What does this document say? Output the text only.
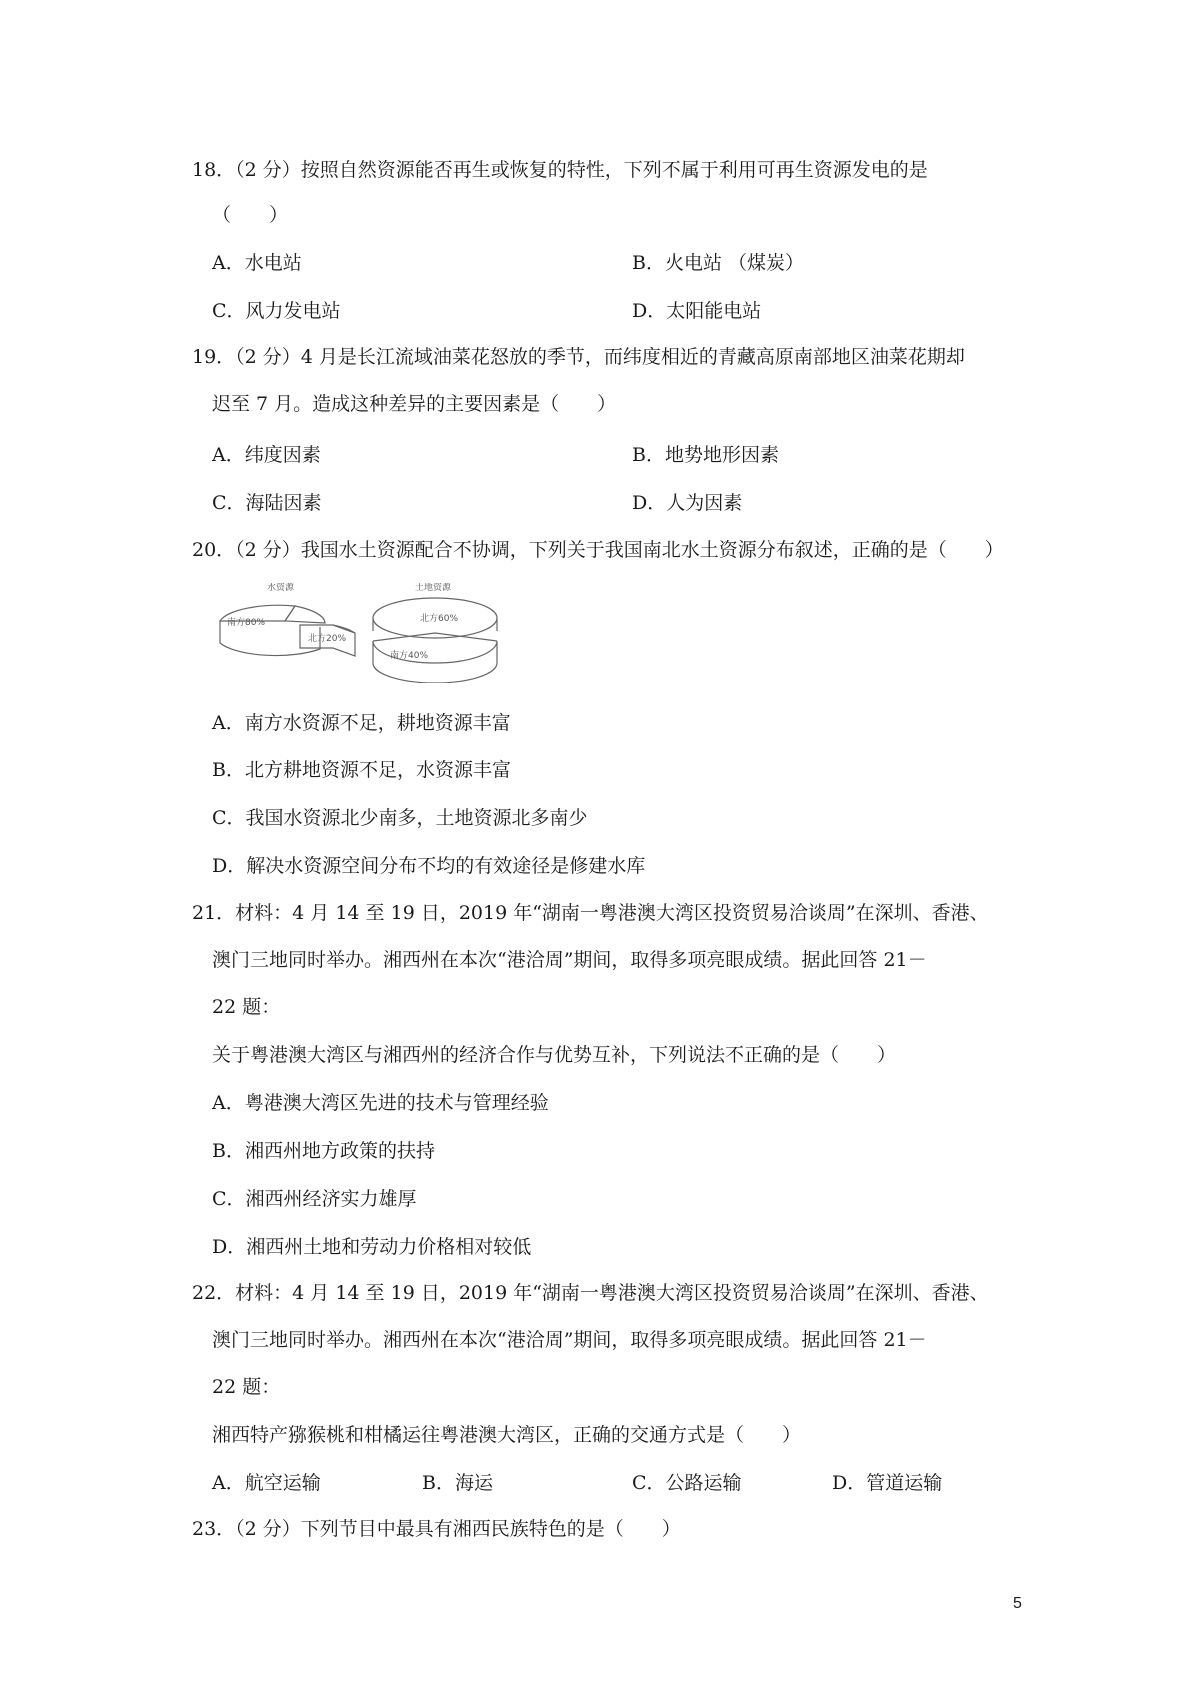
18．（2 分）按照自然资源能否再生或恢复的特性，下列不属于利用可再生资源发电的是
（　　）
A．水电站	B．火电站 （煤炭）
C．风力发电站	D．太阳能电站
19．（2 分）4 月是长江流域油菜花怒放的季节，而纬度相近的青藏高原南部地区油菜花期却
迟至 7 月。造成这种差异的主要因素是（　　）
A．纬度因素	B．地势地形因素
C．海陆因素	D．人为因素
20．（2 分）我国水土资源配合不协调，下列关于我国南北水土资源分布叙述，正确的是（　　）
水资源
南方80%
北方20%
土地资源
北方60%
南方40%
A．南方水资源不足，耕地资源丰富
B．北方耕地资源不足，水资源丰富
C．我国水资源北少南多，土地资源北多南少
D．解决水资源空间分布不均的有效途径是修建水库
21．材料：4 月 14 至 19 日，2019 年“湖南一粤港澳大湾区投资贸易洽谈周”在深圳、香港、
澳门三地同时举办。湘西州在本次“港洽周”期间，取得多项亮眼成绩。据此回答 21－
22 题：
关于粤港澳大湾区与湘西州的经济合作与优势互补，下列说法不正确的是（　　）
A．粤港澳大湾区先进的技术与管理经验
B．湘西州地方政策的扶持
C．湘西州经济实力雄厚
D．湘西州土地和劳动力价格相对较低
22．材料：4 月 14 至 19 日，2019 年“湖南一粤港澳大湾区投资贸易洽谈周”在深圳、香港、
澳门三地同时举办。湘西州在本次“港洽周”期间，取得多项亮眼成绩。据此回答 21－
22 题：
湘西特产猕猴桃和柑橘运往粤港澳大湾区，正确的交通方式是（　　）
A．航空运输	B．海运	C．公路运输	D．管道运输
23．（2 分）下列节目中最具有湘西民族特色的是（　　）
5
